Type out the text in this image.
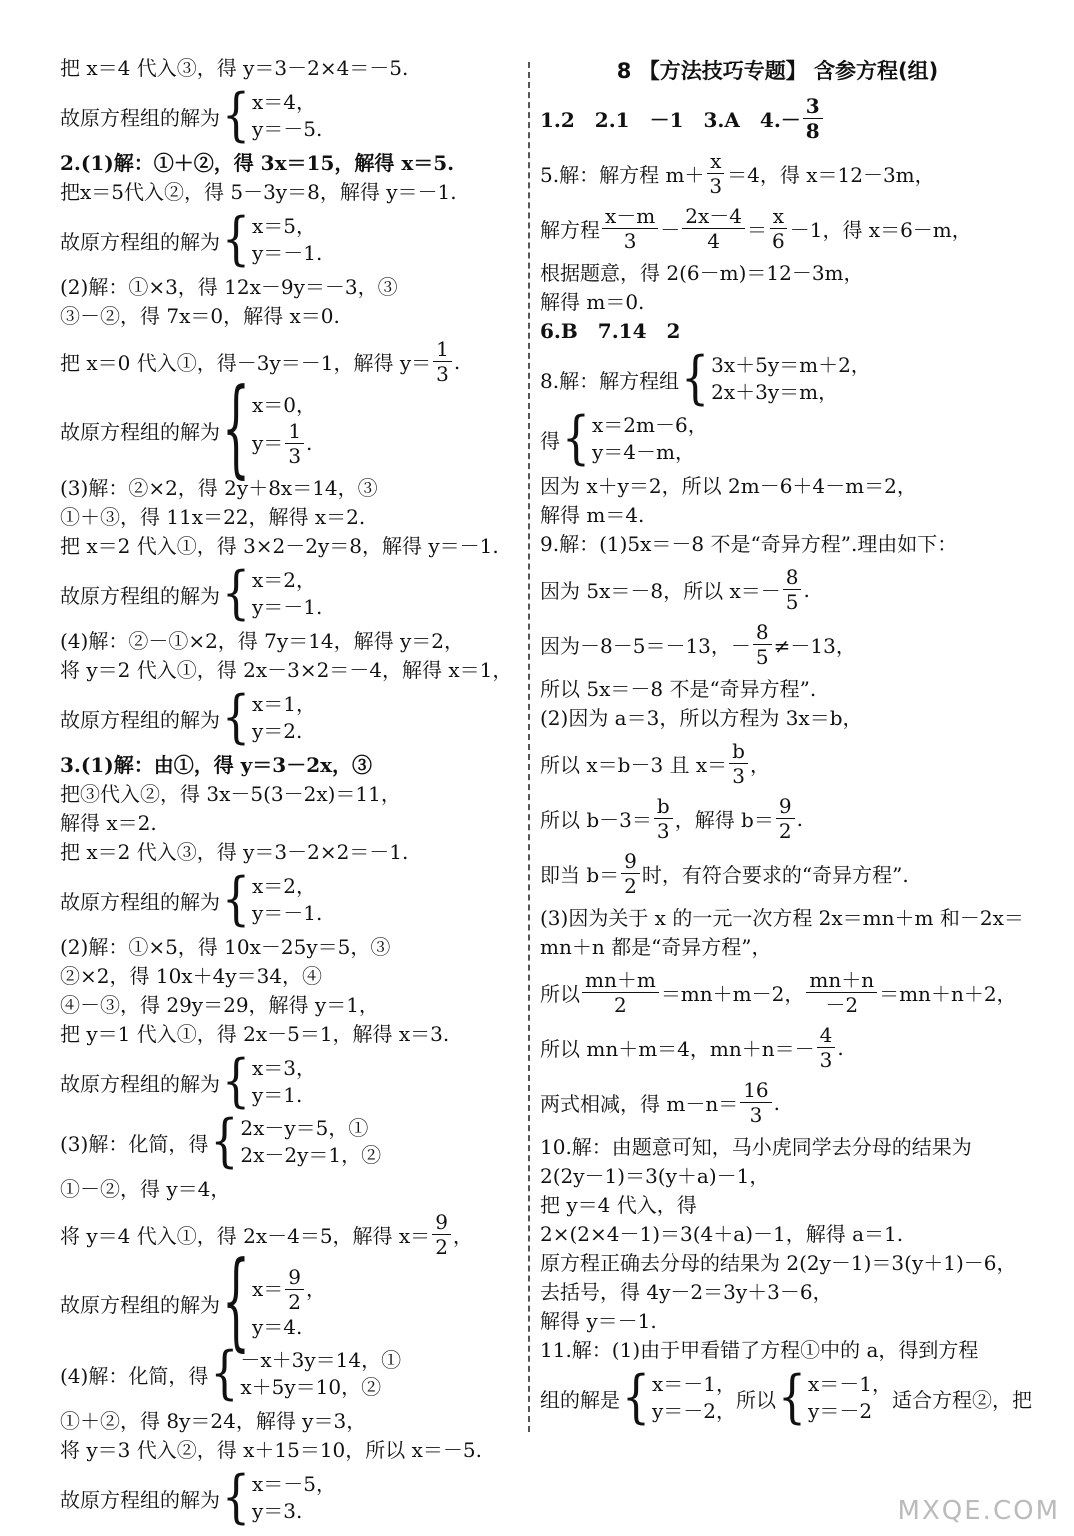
把 x＝4 代入③，得 y＝3－2×4＝－5.
故原方程组的解为 { x＝4，
y＝－5.
2.(1)解：①＋②，得 3x＝15，解得 x＝5.
把x＝5代入②，得 5－3y＝8，解得 y＝－1.
故原方程组的解为 { x＝5，
y＝－1.
(2)解：①×3，得 12x－9y＝－3，③
③－②，得 7x＝0，解得 x＝0.
把 x＝0 代入①，得－3y＝－1，解得 $y= \frac{1}{3}$ .
故原方程组的解为 { x＝0，
$y= \frac{1}{3}$ .
(3)解：②×2，得 2y＋8x＝14，③
①＋③，得 11x＝22，解得 x＝2.
把 x＝2 代入①，得 3×2－2y＝8，解得 y＝－1.
故原方程组的解为 { x＝2，
y＝－1.
(4)解：②－①×2，得 7y＝14，解得 y＝2，
将 y＝2 代入①，得 2x－3×2＝－4，解得 x＝1，
故原方程组的解为 { x＝1，
y＝2.
3.(1)解：由①，得 y＝3－2x，③
把③代入②，得 3x－5(3－2x)＝11，
解得 x＝2.
把 x＝2 代入③，得 y＝3－2×2＝－1.
故原方程组的解为 { x＝2，
y＝－1.
(2)解：①×5，得 10x－25y＝5，③
②×2，得 10x＋4y＝34，④
④－③，得 29y＝29，解得 y＝1，
把 y＝1 代入①，得 2x－5＝1，解得 x＝3.
故原方程组的解为 { x＝3，
y＝1.
(3)解：化简，得 { 2x－y＝5，①
2x－2y＝1，②
①－②，得 y＝4，
将 y＝4 代入①，得 2x－4＝5，解得 $x= \frac{9}{2}$ ，
故原方程组的解为 { $x= \frac{9}{2}$ ，
y＝4.
(4)解：化简，得 { －x＋3y＝14，①
x＋5y＝10，②
①＋②，得 8y＝24，解得 y＝3，
将 y＝3 代入②，得 x＋15＝10，所以 x＝－5.
故原方程组的解为 { x＝－5，
y＝3.
8 【方法技巧专题】 含参方程(组)
1.2　2.1　－1　3.A　$4.- \frac{3}{8}$
5.解：解方程 $m+ \frac{x}{3} =4$，得 x＝12－3m，
解方程 $\frac{x-m}{3} - \frac{2x-4}{4} = \frac{x}{6} -1$，得 x＝6－m，
根据题意，得 2(6－m)＝12－3m，
解得 m＝0.
6.B　7.14　2
8.解：解方程组 { 3x＋5y＝m＋2，
2x＋3y＝m，
得 { x＝2m－6，
y＝4－m，
因为 x＋y＝2，所以 2m－6＋4－m＝2，
解得 m＝4.
9.解：(1)5x＝－8 不是“奇异方程”.理由如下：
因为 5x＝－8，所以 $x=- \frac{8}{5}$ .
因为－8－5＝－13，－ $\frac{8}{5} \ne-13$，
所以 5x＝－8 不是“奇异方程”.
(2)因为 a＝3，所以方程为 3x＝b，
所以 x＝b－3 且 $x= \frac{b}{3}$ ，
所以 $b-3= \frac{b}{3}$ ，解得 $b= \frac{9}{2}$ .
即当 $b= \frac{9}{2}$ 时，有符合要求的“奇异方程”.
(3)因为关于 x 的一元一次方程 2x＝mn＋m 和－2x＝
mn＋n 都是“奇异方程”，
所以 $\frac{mn+m}{2} =mn+m-2$， $\frac{mn+n}{-2} =mn+n+2$，
所以 mn＋m＝4，$mn+n=- \frac{4}{3}$ .
两式相减，得 $m-n= \frac{16}{3}$ .
10.解：由题意可知，马小虎同学去分母的结果为
2(2y－1)＝3(y＋a)－1，
把 y＝4 代入，得
2×(2×4－1)＝3(4＋a)－1，解得 a＝1.
原方程正确去分母的结果为 2(2y－1)＝3(y＋1)－6，
去括号，得 4y－2＝3y＋3－6，
解得 y＝－1.
11.解：(1)由于甲看错了方程①中的 a，得到方程
组的解是 { x＝－1，
y＝－2， 所以 { x＝－1，
y＝－2 适合方程②，把
MXQE.COM
